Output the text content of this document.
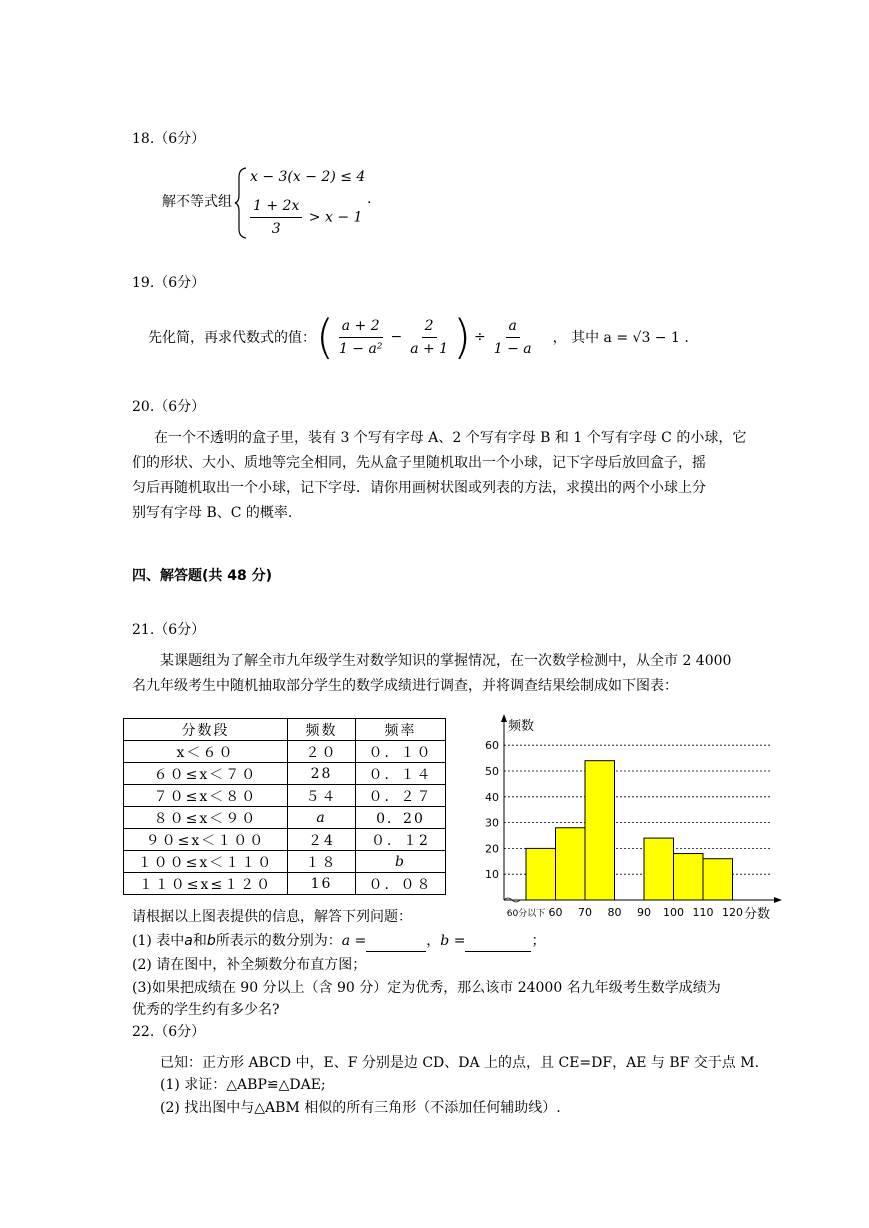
18.（6分）
解不等式组
x − 3(x − 2) ≤ 4
$\frac{1 + 2x}{3} > x - 1$
.
19.（6分）
先化简，再求代数式的值： ( $\frac{a + 2}{\text{1 − a²}} - \frac{2}{a + 1}$ ) ÷ $\frac{a}{1 - a}$ ， 其中 a = √3 − 1 .
20.（6分）
在一个不透明的盒子里，装有 3 个写有字母 A、2 个写有字母 B 和 1 个写有字母 C 的小球，它
们的形状、大小、质地等完全相同，先从盒子里随机取出一个小球，记下字母后放回盒子，摇
匀后再随机取出一个小球，记下字母．请你用画树状图或列表的方法，求摸出的两个小球上分
别写有字母 B、C 的概率.
四、解答题(共 48 分)
21.（6分）
某课题组为了解全市九年级学生对数学知识的掌握情况，在一次数学检测中，从全市 2 4000
名九年级考生中随机抽取部分学生的数学成绩进行调查，并将调查结果绘制成如下图表：
分数段	频数	频率
x＜６０	２０	０．１０
６０≤x＜７０	28	０．１４
７０≤x＜８０	５４	０．２７
８０≤x＜９０	a	0．20
９０≤x＜１００	２4	０．１2
１００≤x＜１１０	１８	b
１１０≤x≤１２０	16	０．０８
10
20
30
40
50
60
60分以下 60 70 80 90 100 110 120
频数
分数
请根据以上图表提供的信息，解答下列问题：
(1) 表中a和b所表示的数分别为：a =	，b =	；
(2) 请在图中，补全频数分布直方图；
(3)如果把成绩在 90 分以上（含 90 分）定为优秀，那么该市 24000 名九年级考生数学成绩为
优秀的学生约有多少名?
22.（6分）
已知：正方形 ABCD 中，E、F 分别是边 CD、DA 上的点，且 CE=DF，AE 与 BF 交于点 M.
(1) 求证：△ABP≌△DAE;
(2) 找出图中与△ABM 相似的所有三角形（不添加任何辅助线）.
